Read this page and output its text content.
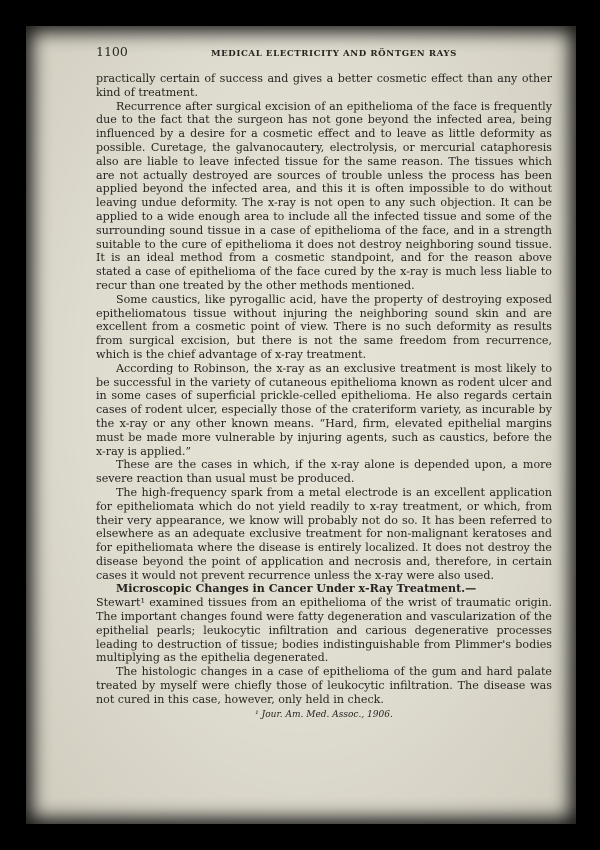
1100	MEDICAL ELECTRICITY AND RÖNTGEN RAYS

practically certain of success and gives a better cosmetic effect than any other kind of treatment.

Recurrence after surgical excision of an epithelioma of the face is frequently due to the fact that the surgeon has not gone beyond the infected area, being influenced by a desire for a cosmetic effect and to leave as little deformity as possible. Curetage, the galvanocautery, electrolysis, or mercurial cataphoresis also are liable to leave infected tissue for the same reason. The tissues which are not actually destroyed are sources of trouble unless the process has been applied beyond the infected area, and this it is often impossible to do without leaving undue deformity. The x-ray is not open to any such objection. It can be applied to a wide enough area to include all the infected tissue and some of the surrounding sound tissue in a case of epithelioma of the face, and in a strength suitable to the cure of epithelioma it does not destroy neighboring sound tissue. It is an ideal method from a cosmetic standpoint, and for the reason above stated a case of epithelioma of the face cured by the x-ray is much less liable to recur than one treated by the other methods mentioned.

Some caustics, like pyrogallic acid, have the property of destroying exposed epitheliomatous tissue without injuring the neighboring sound skin and are excellent from a cosmetic point of view. There is no such deformity as results from surgical excision, but there is not the same freedom from recurrence, which is the chief advantage of x-ray treatment.

According to Robinson, the x-ray as an exclusive treatment is most likely to be successful in the variety of cutaneous epithelioma known as rodent ulcer and in some cases of superficial prickle-celled epithelioma. He also regards certain cases of rodent ulcer, especially those of the crateriform variety, as incurable by the x-ray or any other known means. “Hard, firm, elevated epithelial margins must be made more vulnerable by injuring agents, such as caustics, before the x-ray is applied.”

These are the cases in which, if the x-ray alone is depended upon, a more severe reaction than usual must be produced.

The high-frequency spark from a metal electrode is an excellent application for epitheliomata which do not yield readily to x-ray treatment, or which, from their very appearance, we know will probably not do so. It has been referred to elsewhere as an adequate exclusive treatment for non-malignant keratoses and for epitheliomata where the disease is entirely localized. It does not destroy the disease beyond the point of application and necrosis and, therefore, in certain cases it would not prevent recurrence unless the x-ray were also used.

Microscopic Changes in Cancer Under x-Ray Treatment.—

Stewart¹ examined tissues from an epithelioma of the wrist of traumatic origin. The important changes found were fatty degeneration and vascularization of the epithelial pearls; leukocytic infiltration and carious degenerative processes leading to destruction of tissue; bodies indistinguishable from Plimmer's bodies multiplying as the epithelia degenerated.

The histologic changes in a case of epithelioma of the gum and hard palate treated by myself were chiefly those of leukocytic infiltration. The disease was not cured in this case, however, only held in check.

¹ Jour. Am. Med. Assoc., 1906.
